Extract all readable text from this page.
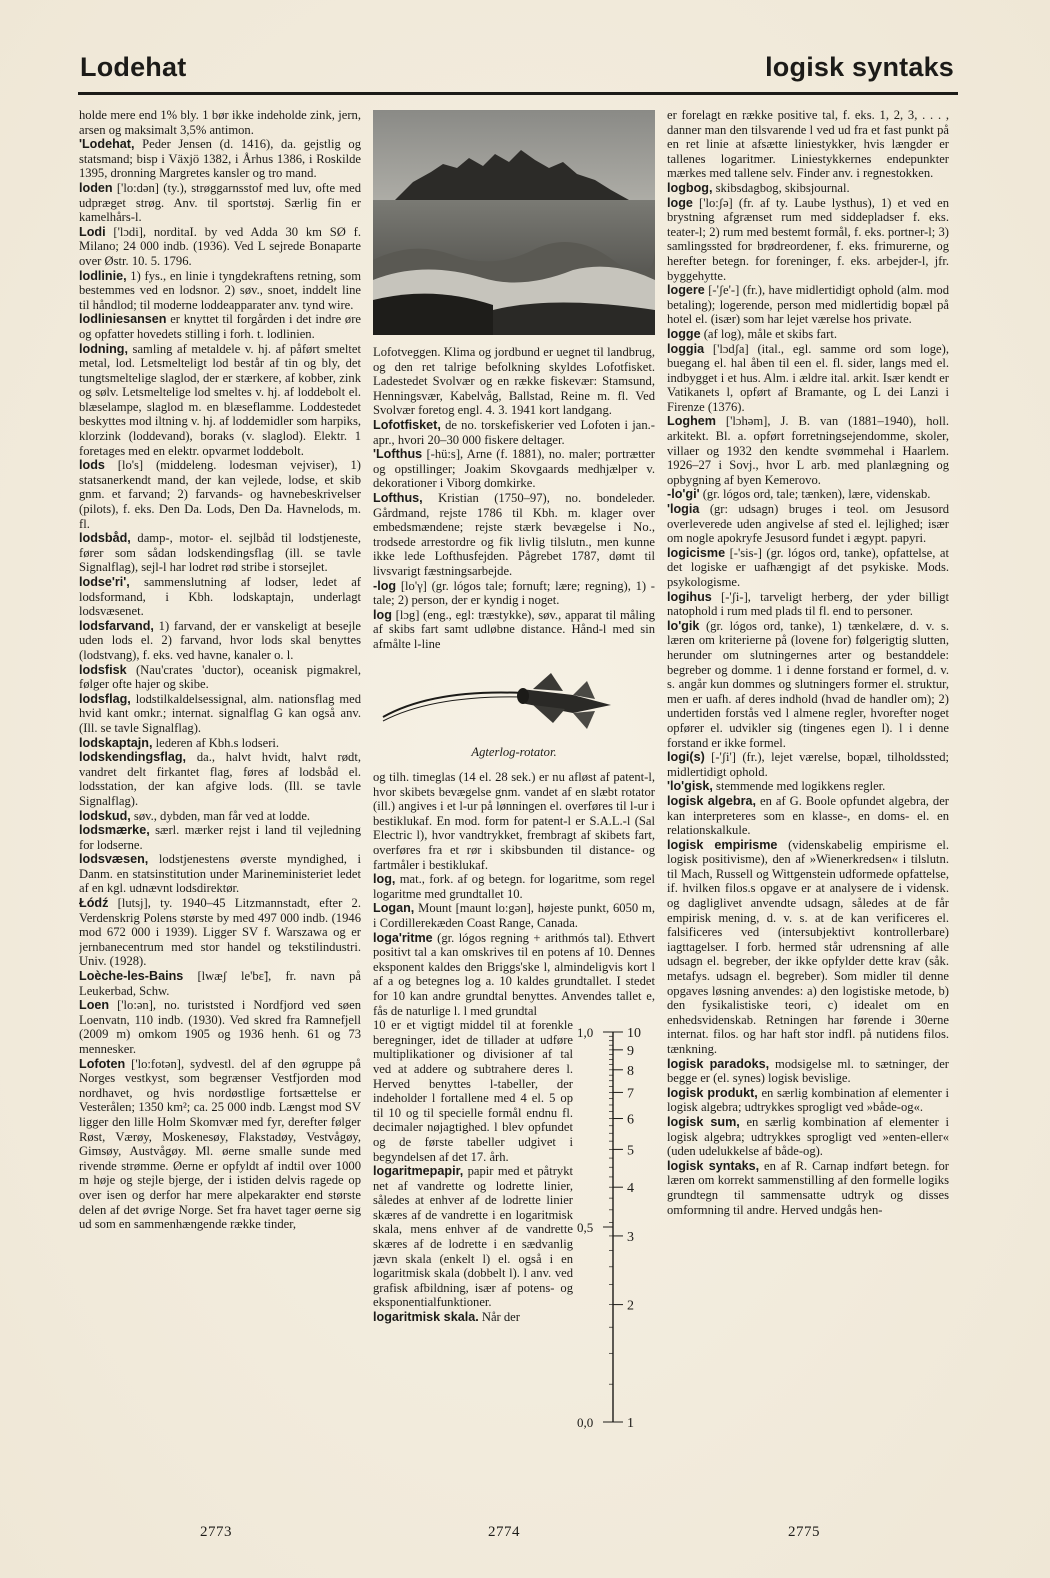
Lodehat	logisk syntaks
holde mere end 1% bly. 1 bør ikke indeholde zink, jern, arsen og maksimalt 3,5% antimon.
'Lodehat, Peder Jensen (d. 1416), da. gejstlig og statsmand; bisp i Växjö 1382, i Århus 1386, i Roskilde 1395, dronning Margretes kansler og tro mand.
loden ['lo:dən] (ty.), strøggarnsstof med luv, ofte med udpræget strøg. Anv. til sportstøj. Særlig fin er kamelhårs-l.
Lodi ['lɔdi], norditaI. by ved Adda 30 km SØ f. Milano; 24 000 indb. (1936). Ved L sejrede Bonaparte over Østr. 10. 5. 1796.
lodlinie, 1) fys., en linie i tyngdekraftens retning, som bestemmes ved en lodsnor. 2) søv., snoet, inddelt line til håndlod; til moderne loddeapparater anv. tynd wire.
lodliniesansen er knyttet til forgården i det indre øre og opfatter hovedets stilling i forh. t. lodlinien.
lodning, samling af metaldele v. hj. af påført smeltet metal, lod. Letsmelteligt lod består af tin og bly, det tungtsmeltelige slaglod, der er stærkere, af kobber, zink og sølv. Letsmeltelige lod smeltes v. hj. af loddebolt el. blæselampe, slaglod m. en blæseflamme. Loddestedet beskyttes mod iltning v. hj. af loddemidler som harpiks, klorzink (loddevand), boraks (v. slaglod). Elektr. 1 foretages med en elektr. opvarmet loddebolt.
lods [lo's] (middeleng. lodesman vejviser), 1) statsanerkendt mand, der kan vejlede, lodse, et skib gnm. et farvand; 2) farvands- og havnebeskrivelser (pilots), f. eks. Den Da. Lods, Den Da. Havnelods, m. fl.
lodsbåd, damp-, motor- el. sejlbåd til lodstjeneste, fører som sådan lodskendingsflag (ill. se tavle Signalflag), sejl-l har lodret rød stribe i storsejlet.
lodse'ri', sammenslutning af lodser, ledet af lodsformand, i Kbh. lodskaptajn, underlagt lodsvæsenet.
lodsfarvand, 1) farvand, der er vanskeligt at besejle uden lods el. 2) farvand, hvor lods skal benyttes (lodstvang), f. eks. ved havne, kanaler o. l.
lodsfisk (Nau'crates 'ductor), oceanisk pigmakrel, følger ofte hajer og skibe.
lodsflag, lodstilkaldelsessignal, alm. nationsflag med hvid kant omkr.; internat. signalflag G kan også anv. (Ill. se tavle Signalflag).
lodskaptajn, lederen af Kbh.s lodseri.
lodskendingsflag, da., halvt hvidt, halvt rødt, vandret delt firkantet flag, føres af lodsbåd el. lodsstation, der kan afgive lods. (Ill. se tavle Signalflag).
lodskud, søv., dybden, man får ved at lodde.
lodsmærke, særl. mærker rejst i land til vejledning for lodserne.
lodsvæsen, lodstjenestens øverste myndighed, i Danm. en statsinstitution under Marineministeriet ledet af en kgl. udnævnt lodsdirektør.
Łódź [lutsj], ty. 1940–45 Litzmannstadt, efter 2. Verdenskrig Polens største by med 497 000 indb. (1946 mod 672 000 i 1939). Ligger SV f. Warszawa og er jernbanecentrum med stor handel og tekstilindustri. Univ. (1928).
Loèche-les-Bains [lwæʃ le'bɛ̃], fr. navn på Leukerbad, Schw.
Loen ['lo:ən], no. turiststed i Nordfjord ved søen Loenvatn, 110 indb. (1930). Ved skred fra Ramnefjell (2009 m) omkom 1905 og 1936 henh. 61 og 73 mennesker.
Lofoten ['lo:fotən], sydvestl. del af den øgruppe på Norges vestkyst, som begrænser Vestfjorden mod nordhavet, og hvis nordøstlige fortsættelse er Vesterålen; 1350 km²; ca. 25 000 indb. Længst mod SV ligger den lille Holm Skomvær med fyr, derefter følger Røst, Værøy, Moskenesøy, Flakstadøy, Vestvågøy, Gimsøy, Austvågøy. Ml. øerne smalle sunde med rivende strømme. Øerne er opfyldt af indtil over 1000 m høje og stejle bjerge, der i istiden delvis ragede op over isen og derfor har mere alpekarakter end største delen af det øvrige Norge. Set fra havet tager øerne sig ud som en sammenhængende række tinder,
Lofotveggen. Klima og jordbund er uegnet til landbrug, og den ret talrige befolkning skyldes Lofotfisket. Ladestedet Svolvær og en række fiskevær: Stamsund, Henningsvær, Kabelvåg, Ballstad, Reine m. fl. Ved Svolvær foretog engl. 4. 3. 1941 kort landgang.
Lofotfisket, de no. torskefiskerier ved Lofoten i jan.-apr., hvori 20–30 000 fiskere deltager.
'Lofthus [-hü:s], Arne (f. 1881), no. maler; portrætter og opstillinger; Joakim Skovgaards medhjælper v. dekorationer i Viborg domkirke.
Lofthus, Kristian (1750–97), no. bondeleder. Gårdmand, rejste 1786 til Kbh. m. klager over embedsmændene; rejste stærk bevægelse i No., trodsede arrestordre og fik livlig tilslutn., men kunne ikke lede Lofthusfejden. Pågrebet 1787, dømt til livsvarigt fæstningsarbejde.
-log [lo'γ] (gr. lógos tale; fornuft; lære; regning), 1) -tale; 2) person, der er kyndig i noget.
log [lɔg] (eng., egl: træstykke), søv., apparat til måling af skibs fart samt udløbne distance. Hånd-l med sin afmålte l-line
Agterlog-rotator.
og tilh. timeglas (14 el. 28 sek.) er nu afløst af patent-l, hvor skibets bevægelse gnm. vandet af en slæbt rotator (ill.) angives i et l-ur på lønningen el. overføres til l-ur i bestiklukaf. En mod. form for patent-l er S.A.L.-l (Sal Electric l), hvor vandtrykket, frembragt af skibets fart, overføres fra et rør i skibsbunden til distance- og fartmåler i bestiklukaf.
log, mat., fork. af og betegn. for logaritme, som regel logaritme med grundtallet 10.
Logan, Mount [maunt lo:gən], højeste punkt, 6050 m, i Cordillerekæden Coast Range, Canada.
loga'ritme (gr. lógos regning + arithmós tal). Ethvert positivt tal a kan omskrives til en potens af 10. Dennes eksponent kaldes den Briggs'ske l, almindeligvis kort l af a og betegnes log a. 10 kaldes grundtallet. I stedet for 10 kan andre grundtal benyttes. Anvendes tallet e, fås de naturlige l. l med grundtal
10 er et vigtigt middel til at forenkle beregninger, idet de tillader at udføre multiplikationer og divisioner af tal ved at addere og subtrahere deres l. Herved benyttes l-tabeller, der indeholder l fortallene med 4 el. 5 op til 10 og til specielle formål endnu fl. decimaler nøjagtighed. l blev opfundet og de første tabeller udgivet i begyndelsen af det 17. årh.
logaritmepapir, papir med et påtrykt net af vandrette og lodrette linier, således at enhver af de lodrette linier skæres af de vandrette i en logaritmisk skala, mens enhver af de vandrette skæres af de lodrette i en sædvanlig jævn skala (enkelt l) el. også i en logaritmisk skala (dobbelt l). l anv. ved grafisk afbildning, især af potens- og eksponentialfunktioner.
logaritmisk skala. Når der
10
9
8
7
6
5
4
3
2
1
1,0
0,5
0,0
er forelagt en række positive tal, f. eks. 1, 2, 3, . . . , danner man den tilsvarende l ved ud fra et fast punkt på en ret linie at afsætte liniestykker, hvis længder er tallenes logaritmer. Liniestykkernes endepunkter mærkes med tallene selv. Finder anv. i regnestokken.
logbog, skibsdagbog, skibsjournal.
loge ['lo:ʃə] (fr. af ty. Laube lysthus), 1) et ved en brystning afgrænset rum med siddepladser f. eks. teater-l; 2) rum med bestemt formål, f. eks. portner-l; 3) samlingssted for brødreordener, f. eks. frimurerne, og herefter betegn. for foreninger, f. eks. arbejder-l, jfr. byggehytte.
logere [-'ʃe'-] (fr.), have midlertidigt ophold (alm. mod betaling); logerende, person med midlertidig bopæl på hotel el. (især) som har lejet værelse hos private.
logge (af log), måle et skibs fart.
loggia ['lɔdʃa] (ital., egl. samme ord som loge), buegang el. hal åben til een el. fl. sider, langs med el. indbygget i et hus. Alm. i ældre ital. arkit. Især kendt er Vatikanets l, opført af Bramante, og L dei Lanzi i Firenze (1376).
Loghem ['lɔhəm], J. B. van (1881–1940), holl. arkitekt. Bl. a. opført forretningsejendomme, skoler, villaer og 1932 den kendte svømmehal i Haarlem. 1926–27 i Sovj., hvor L arb. med planlægning og opbygning af byen Kemerovo.
-lo'gi' (gr. lógos ord, tale; tænken), lære, videnskab.
'logia (gr: udsagn) bruges i teol. om Jesusord overleverede uden angivelse af sted el. lejlighed; især om nogle apokryfe Jesusord fundet i ægypt. papyri.
logicisme [-'sis-] (gr. lógos ord, tanke), opfattelse, at det logiske er uafhængigt af det psykiske. Mods. psykologisme.
logihus [-'ʃi-], tarveligt herberg, der yder billigt natophold i rum med plads til fl. end to personer.
lo'gik (gr. lógos ord, tanke), 1) tænkelære, d. v. s. læren om kriterierne på (lovene for) følgerigtig slutten, herunder om slutningernes arter og bestanddele: begreber og domme. 1 i denne forstand er formel, d. v. s. angår kun dommes og slutningers former el. struktur, men er uafh. af deres indhold (hvad de handler om); 2) undertiden forstås ved l almene regler, hvorefter noget opfører el. udvikler sig (tingenes egen l). l i denne forstand er ikke formel.
logi(s) [-'ʃi'] (fr.), lejet værelse, bopæl, tilholdssted; midlertidigt ophold.
'lo'gisk, stemmende med logikkens regler.
logisk algebra, en af G. Boole opfundet algebra, der kan interpreteres som en klasse-, en doms- el. en relationskalkule.
logisk empirisme (videnskabelig empirisme el. logisk positivisme), den af »Wienerkredsen« i tilslutn. til Mach, Russell og Wittgenstein udformede opfattelse, if. hvilken filos.s opgave er at analysere de i vidensk. og dagliglivet anvendte udsagn, således at de får empirisk mening, d. v. s. at de kan verificeres el. falsificeres ved (intersubjektivt kontrollerbare) iagttagelser. I forb. hermed står udrensning af alle udsagn el. begreber, der ikke opfylder dette krav (såk. metafys. udsagn el. begreber). Som midler til denne opgaves løsning anvendes: a) den logistiske metode, b) den fysikalistiske teori, c) idealet om en enhedsvidenskab. Retningen har førende i 30erne internat. filos. og har haft stor indfl. på nutidens filos. tænkning.
logisk paradoks, modsigelse ml. to sætninger, der begge er (el. synes) logisk bevislige.
logisk produkt, en særlig kombination af elementer i logisk algebra; udtrykkes sprogligt ved »både-og«.
logisk sum, en særlig kombination af elementer i logisk algebra; udtrykkes sprogligt ved »enten-eller« (uden udelukkelse af både-og).
logisk syntaks, en af R. Carnap indført betegn. for læren om korrekt sammenstilling af den formelle logiks grundtegn til sammensatte udtryk og disses omformning til andre. Herved undgås hen-
2773	2774	2775
